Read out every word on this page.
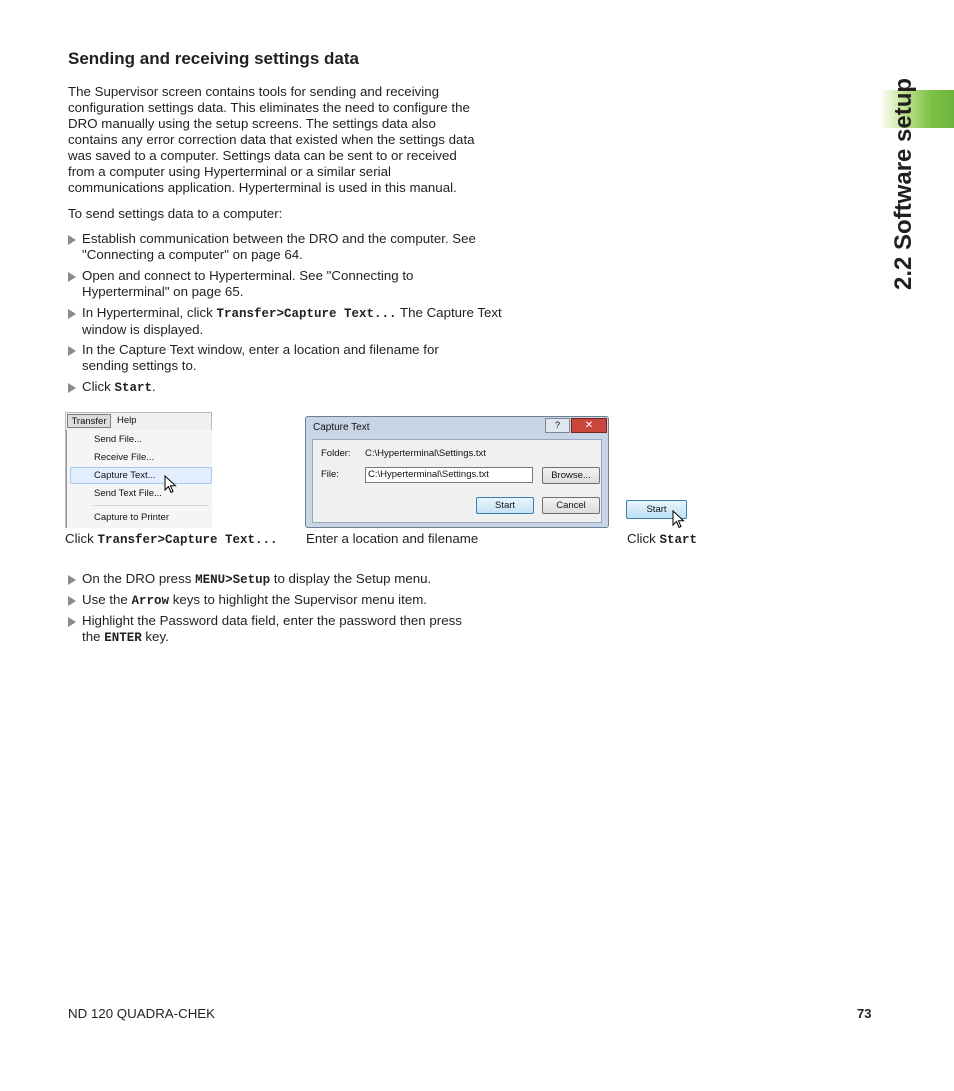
2.2 Software setup
Sending and receiving settings data
The Supervisor screen contains tools for sending and receiving
configuration settings data. This eliminates the need to configure the
DRO manually using the setup screens. The settings data also
contains any error correction data that existed when the settings data
was saved to a computer. Settings data can be sent to or received
from a computer using Hyperterminal or a similar serial
communications application. Hyperterminal is used in this manual.
To send settings data to a computer:
Establish communication between the DRO and the computer. See
"Connecting a computer" on page 64.
Open and connect to Hyperterminal. See "Connecting to
Hyperterminal" on page 65.
In Hyperterminal, click Transfer>Capture Text... The Capture Text
window is displayed.
In the Capture Text window, enter a location and filename for
sending settings to.
Click Start.
Transfer	Help
Send File...
Receive File...
Capture Text...
Send Text File...
Capture to Printer
Capture Text	?	✕
Folder: C:\Hyperterminal\Settings.txt
File:	C:\Hyperterminal\Settings.txt	Browse...
Start	Cancel	Start
Click Transfer>Capture Text... Enter a location and filename	Click Start
On the DRO press MENU>Setup to display the Setup menu.
Use the Arrow keys to highlight the Supervisor menu item.
Highlight the Password data field, enter the password then press
the ENTER key.
ND 120 QUADRA-CHEK	73
